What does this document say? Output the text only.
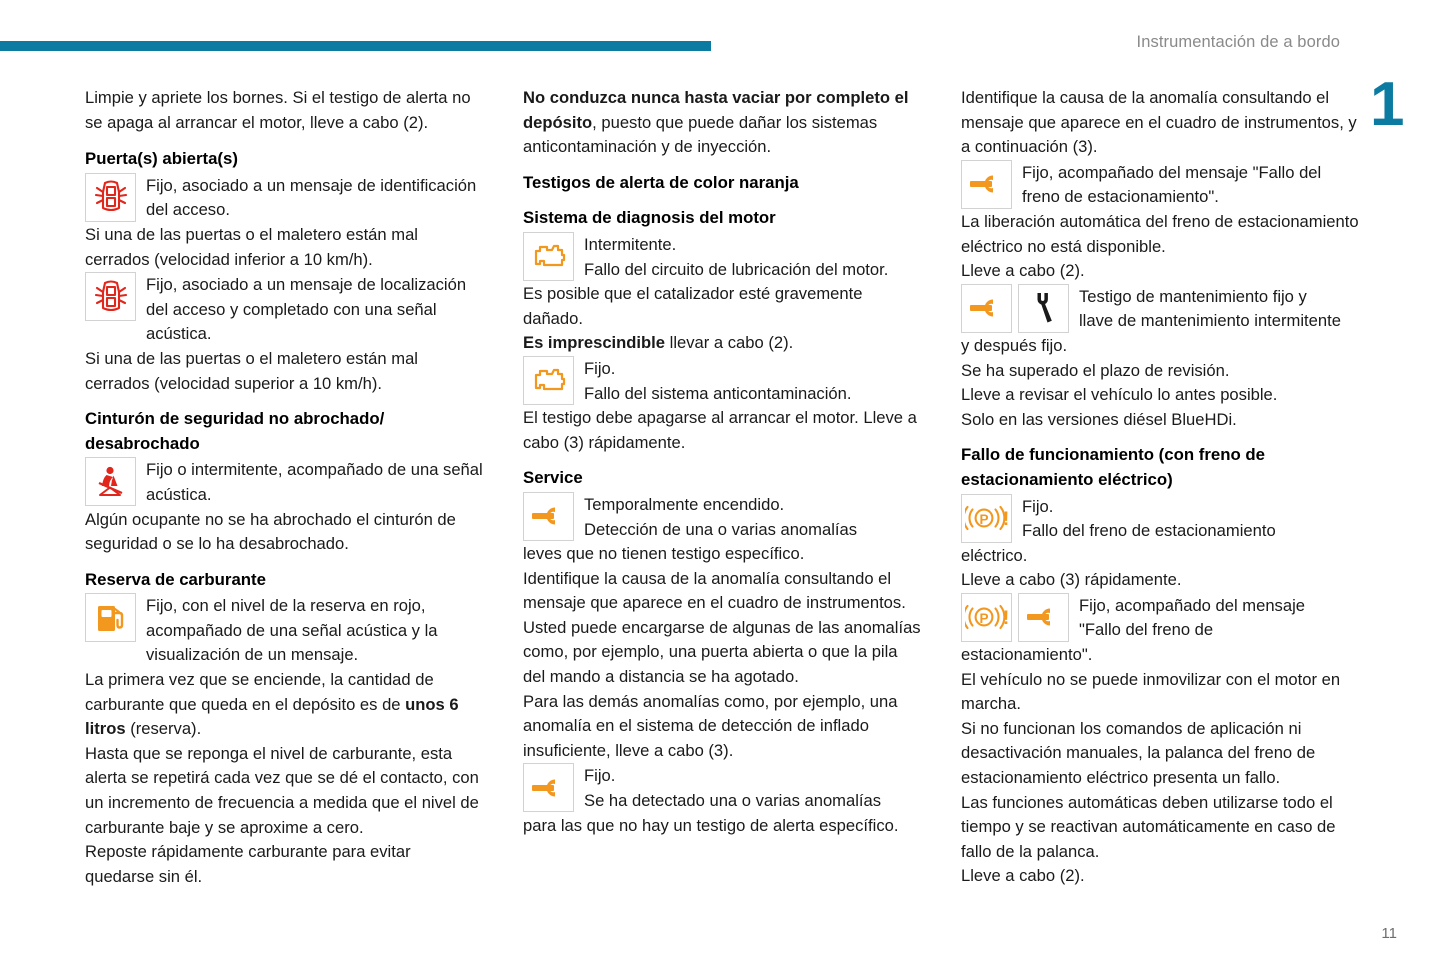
Instrumentación de a bordo
1
11

Limpie y apriete los bornes. Si el testigo de alerta no se apaga al arrancar el motor, lleve a cabo (2).

Puerta(s) abierta(s)
Fijo, asociado a un mensaje de identificación del acceso.

Si una de las puertas o el maletero están mal cerrados (velocidad inferior a 10 km/h).

Fijo, asociado a un mensaje de localización del acceso y completado con una señal acústica.

Si una de las puertas o el maletero están mal cerrados (velocidad superior a 10 km/h).

Cinturón de seguridad no abrochado/ desabrochado
Fijo o intermitente, acompañado de una señal acústica.

Algún ocupante no se ha abrochado el cinturón de seguridad o se lo ha desabrochado.

Reserva de carburante
Fijo, con el nivel de la reserva en rojo, acompañado de una señal acústica y la visualización de un mensaje.

La primera vez que se enciende, la cantidad de carburante que queda en el depósito es de unos 6 litros (reserva).

Hasta que se reponga el nivel de carburante, esta alerta se repetirá cada vez que se dé el contacto, con un incremento de frecuencia a medida que el nivel de carburante baje y se aproxime a cero.

Reposte rápidamente carburante para evitar quedarse sin él.

No conduzca nunca hasta vaciar por completo el depósito, puesto que puede dañar los sistemas anticontaminación y de inyección.

Testigos de alerta de color naranja
Sistema de diagnosis del motor
Intermitente.
Fallo del circuito de lubricación del motor.

Es posible que el catalizador esté gravemente dañado.

Es imprescindible llevar a cabo (2).

Fijo.
Fallo del sistema anticontaminación.

El testigo debe apagarse al arrancar el motor. Lleve a cabo (3) rápidamente.

Service
Temporalmente encendido.
Detección de una o varias anomalías

leves que no tienen testigo específico.

Identifique la causa de la anomalía consultando el mensaje que aparece en el cuadro de instrumentos.

Usted puede encargarse de algunas de las anomalías como, por ejemplo, una puerta abierta o que la pila del mando a distancia se ha agotado.

Para las demás anomalías como, por ejemplo, una anomalía en el sistema de detección de inflado insuficiente, lleve a cabo (3).

Fijo.
Se ha detectado una o varias anomalías

para las que no hay un testigo de alerta específico.

Identifique la causa de la anomalía consultando el mensaje que aparece en el cuadro de instrumentos, y a continuación (3).

Fijo, acompañado del mensaje "Fallo del
freno de estacionamiento".

La liberación automática del freno de estacionamiento eléctrico no está disponible.

Lleve a cabo (2).

Testigo de mantenimiento fijo y
llave de mantenimiento intermitente

y después fijo.

Se ha superado el plazo de revisión.

Lleve a revisar el vehículo lo antes posible.

Solo en las versiones diésel BlueHDi.

Fallo de funcionamiento (con freno de estacionamiento eléctrico)
P !
Fijo.
Fallo del freno de estacionamiento

eléctrico.

Lleve a cabo (3) rápidamente.

P !
Fijo, acompañado del mensaje
"Fallo del freno de

estacionamiento".

El vehículo no se puede inmovilizar con el motor en marcha.

Si no funcionan los comandos de aplicación ni desactivación manuales, la palanca del freno de estacionamiento eléctrico presenta un fallo.

Las funciones automáticas deben utilizarse todo el tiempo y se reactivan automáticamente en caso de fallo de la palanca.

Lleve a cabo (2).
